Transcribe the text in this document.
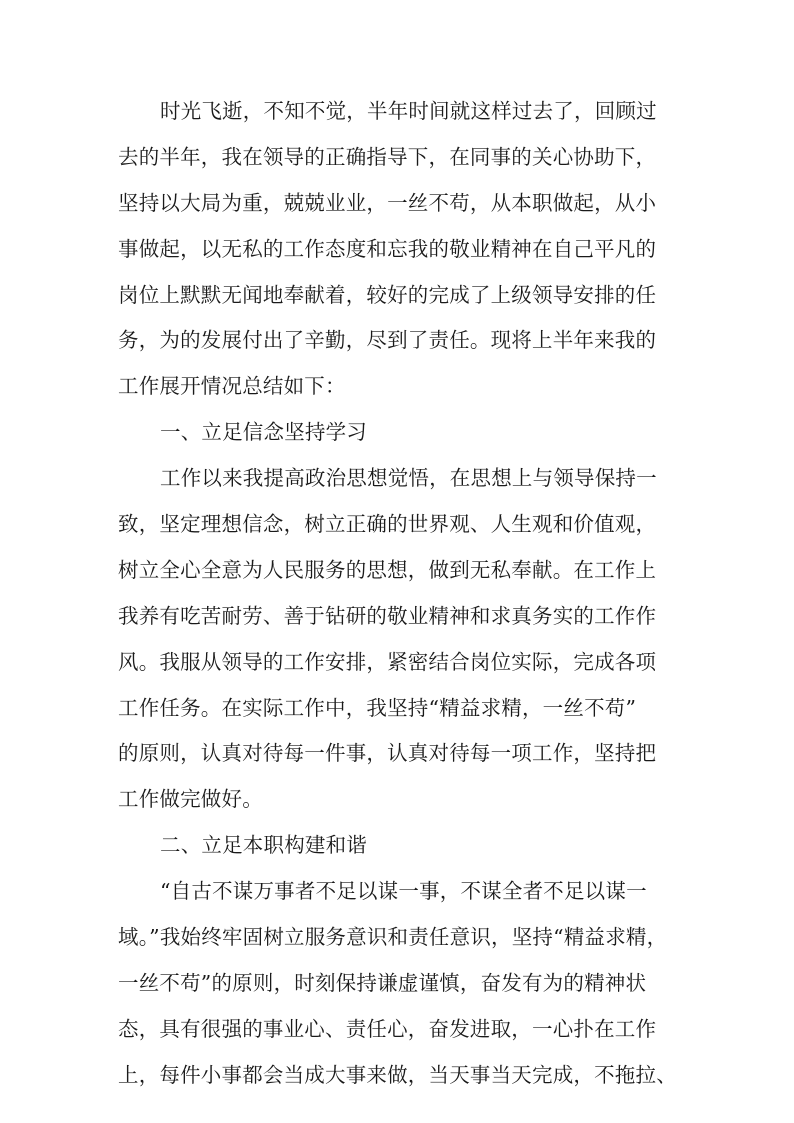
时光飞逝，不知不觉，半年时间就这样过去了，回顾过
去的半年，我在领导的正确指导下，在同事的关心协助下，
坚持以大局为重，兢兢业业，一丝不苟，从本职做起，从小
事做起，以无私的工作态度和忘我的敬业精神在自己平凡的
岗位上默默无闻地奉献着，较好的完成了上级领导安排的任
务，为的发展付出了辛勤，尽到了责任。现将上半年来我的
工作展开情况总结如下：
一、立足信念坚持学习
工作以来我提高政治思想觉悟，在思想上与领导保持一
致，坚定理想信念，树立正确的世界观、人生观和价值观，
树立全心全意为人民服务的思想，做到无私奉献。在工作上
我养有吃苦耐劳、善于钻研的敬业精神和求真务实的工作作
风。我服从领导的工作安排，紧密结合岗位实际，完成各项
工作任务。在实际工作中，我坚持“精益求精，一丝不苟”
的原则，认真对待每一件事，认真对待每一项工作，坚持把
工作做完做好。
二、立足本职构建和谐
“自古不谋万事者不足以谋一事，不谋全者不足以谋一
域。”我始终牢固树立服务意识和责任意识，坚持“精益求精，
一丝不苟”的原则，时刻保持谦虚谨慎，奋发有为的精神状
态，具有很强的事业心、责任心，奋发进取，一心扑在工作
上，每件小事都会当成大事来做，当天事当天完成，不拖拉、
